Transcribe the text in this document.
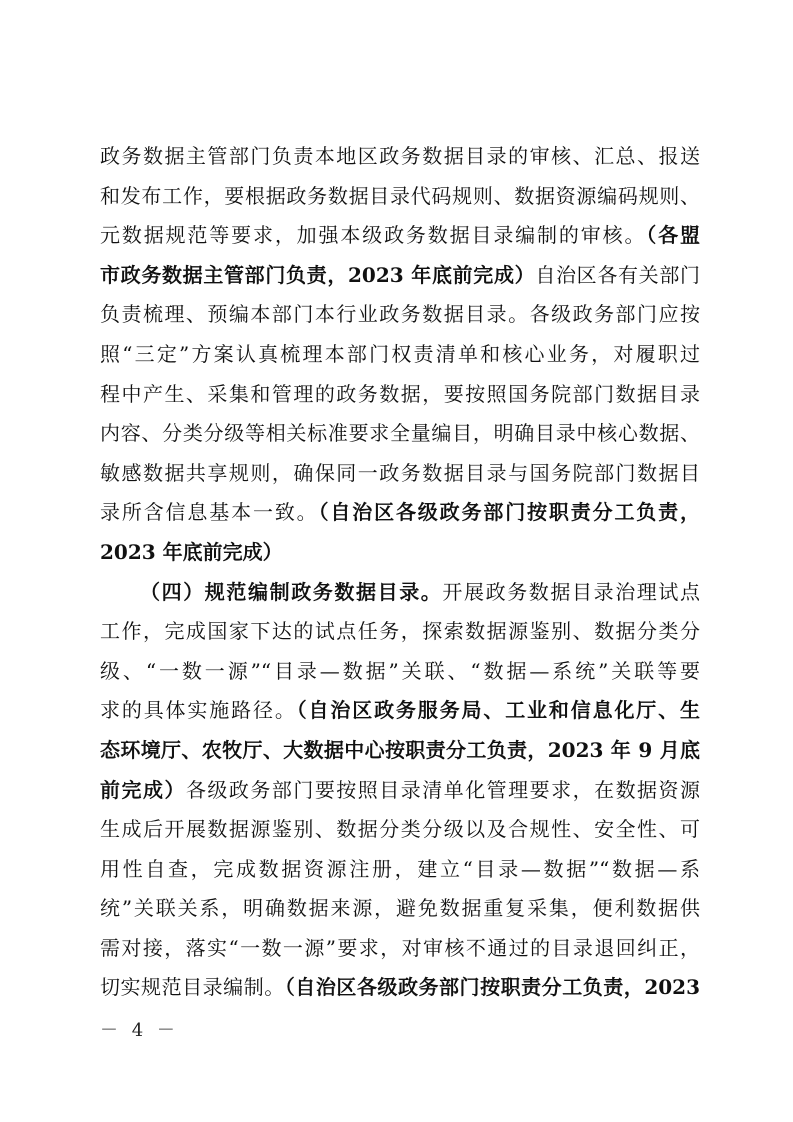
政务数据主管部门负责本地区政务数据目录的审核、汇总、报送
和发布工作，要根据政务数据目录代码规则、数据资源编码规则、
元数据规范等要求，加强本级政务数据目录编制的审核。（各盟
市政务数据主管部门负责，2023 年底前完成）自治区各有关部门
负责梳理、预编本部门本行业政务数据目录。各级政务部门应按
照“三定”方案认真梳理本部门权责清单和核心业务，对履职过
程中产生、采集和管理的政务数据，要按照国务院部门数据目录
内容、分类分级等相关标准要求全量编目，明确目录中核心数据、
敏感数据共享规则，确保同一政务数据目录与国务院部门数据目
录所含信息基本一致。（自治区各级政务部门按职责分工负责，
2023 年底前完成）
（四）规范编制政务数据目录。开展政务数据目录治理试点
工作，完成国家下达的试点任务，探索数据源鉴别、数据分类分
级、“一数一源”“目录—数据”关联、“数据—系统”关联等要
求的具体实施路径。（自治区政务服务局、工业和信息化厅、生
态环境厅、农牧厅、大数据中心按职责分工负责，2023 年 9 月底
前完成）各级政务部门要按照目录清单化管理要求，在数据资源
生成后开展数据源鉴别、数据分类分级以及合规性、安全性、可
用性自查，完成数据资源注册，建立“目录—数据”“数据—系
统”关联关系，明确数据来源，避免数据重复采集，便利数据供
需对接，落实“一数一源”要求，对审核不通过的目录退回纠正，
切实规范目录编制。（自治区各级政务部门按职责分工负责，2023
－ 4 －
